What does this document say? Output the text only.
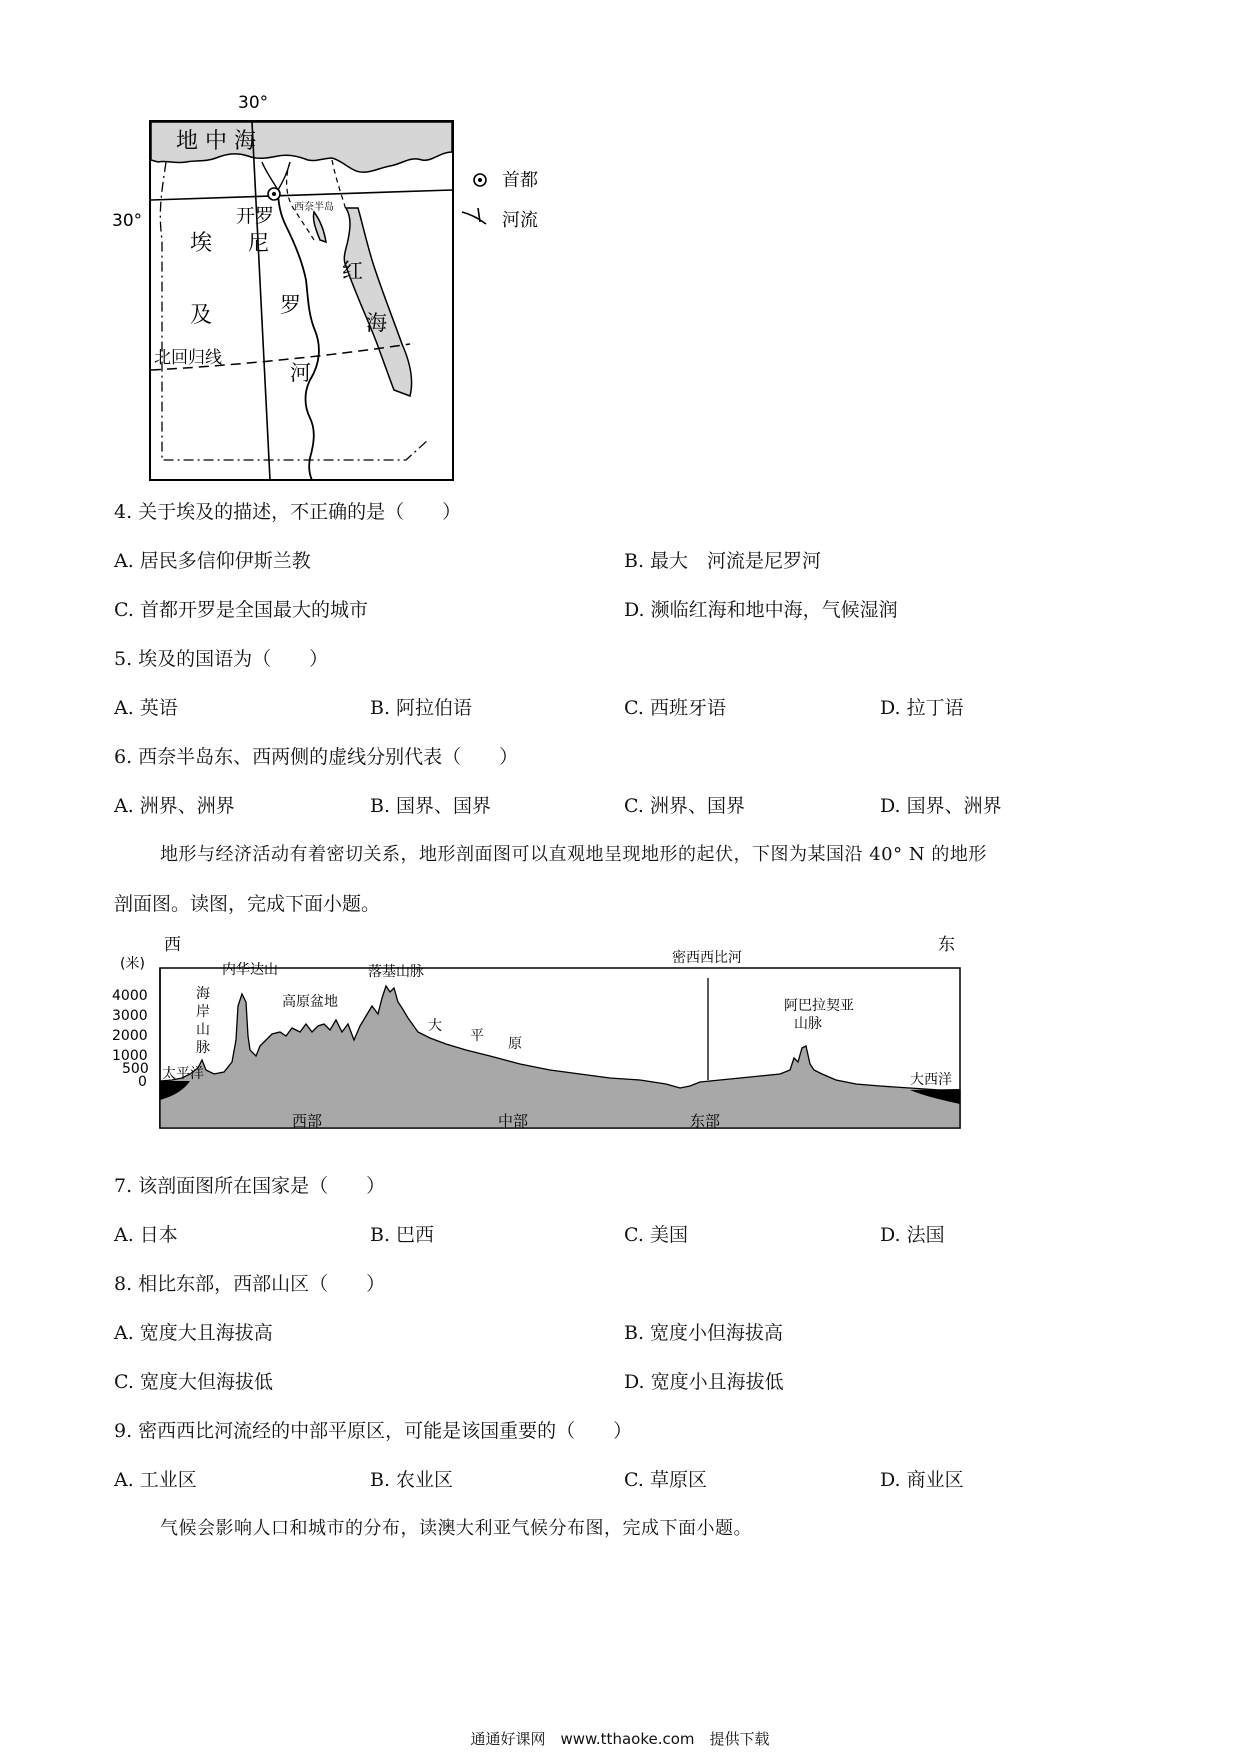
30°
30°
地 中 海
北回归线
开罗 西奈半岛
埃
及
尼
罗
河
红
海
首都
河流
4. 关于埃及的描述，不正确的是（　　）
A. 居民多信仰伊斯兰教	B. 最大　河流是尼罗河
C. 首都开罗是全国最大的城市	D. 濒临红海和地中海，气候湿润
5. 埃及的国语为（　　）
A. 英语	B. 阿拉伯语	C. 西班牙语	D. 拉丁语
6. 西奈半岛东、西两侧的虚线分别代表（　　）
A. 洲界、洲界	B. 国界、国界	C. 洲界、国界	D. 国界、洲界
地形与经济活动有着密切关系，地形剖面图可以直观地呈现地形的起伏，下图为某国沿 40° N 的地形
剖面图。读图，完成下面小题。
西	东
(米)
4000
3000
2000
1000
500
0 太平洋
海
岸
山
脉
内华达山
高原盆地
落基山脉
大
平 原
密西西比河
阿巴拉契亚
山脉
大西洋
西部	中部	东部
7. 该剖面图所在国家是（　　）
A. 日本	B. 巴西	C. 美国	D. 法国
8. 相比东部，西部山区（　　）
A. 宽度大且海拔高	B. 宽度小但海拔高
C. 宽度大但海拔低	D. 宽度小且海拔低
9. 密西西比河流经的中部平原区，可能是该国重要的（　　）
A. 工业区	B. 农业区	C. 草原区	D. 商业区
气候会影响人口和城市的分布，读澳大利亚气候分布图，完成下面小题。
通通好课网　www.tthaoke.com　提供下载
